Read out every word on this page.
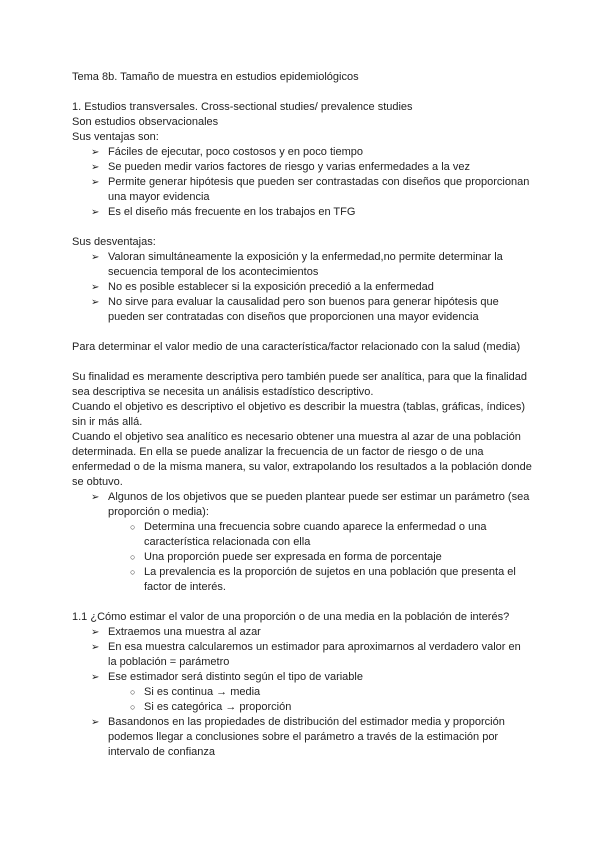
Tema 8b. Tamaño de muestra en estudios epidemiológicos

1. Estudios transversales. Cross-sectional studies/ prevalence studies

Son estudios observacionales

Sus ventajas son:

➢ Fáciles de ejecutar, poco costosos y en poco tiempo
➢ Se pueden medir varios factores de riesgo y varias enfermedades a la vez
➢ Permite generar hipótesis que pueden ser contrastadas con diseños que proporcionan una mayor evidencia
➢ Es el diseño más frecuente en los trabajos en TFG

Sus desventajas:

➢ Valoran simultáneamente la exposición y la enfermedad,no permite determinar la secuencia temporal de los acontecimientos
➢ No es posible establecer si la exposición precedió a la enfermedad
➢ No sirve para evaluar la causalidad pero son buenos para generar hipótesis que pueden ser contratadas con diseños que proporcionen una mayor evidencia

Para determinar el valor medio de una característica/factor relacionado con la salud (media)

Su finalidad es meramente descriptiva pero también puede ser analítica, para que la finalidad sea descriptiva se necesita un análisis estadístico descriptivo.

Cuando el objetivo es descriptivo el objetivo es describir la muestra (tablas, gráficas, índices) sin ir más allá.

Cuando el objetivo sea analítico es necesario obtener una muestra al azar de una población determinada. En ella se puede analizar la frecuencia de un factor de riesgo o de una enfermedad o de la misma manera, su valor, extrapolando los resultados a la población donde se obtuvo.

➢ Algunos de los objetivos que se pueden plantear puede ser estimar un parámetro (sea proporción o media):
○ Determina una frecuencia sobre cuando aparece la enfermedad o una característica relacionada con ella
○ Una proporción puede ser expresada en forma de porcentaje
○ La prevalencia es la proporción de sujetos en una población que presenta el factor de interés.

1.1 ¿Cómo estimar el valor de una proporción o de una media en la población de interés?

➢ Extraemos una muestra al azar
➢ En esa muestra calcularemos un estimador para aproximarnos al verdadero valor en la población = parámetro
➢ Ese estimador será distinto según el tipo de variable
○ Si es continua → media
○ Si es categórica → proporción
➢ Basandonos en las propiedades de distribución del estimador media y proporción podemos llegar a conclusiones sobre el parámetro a través de la estimación por intervalo de confianza
